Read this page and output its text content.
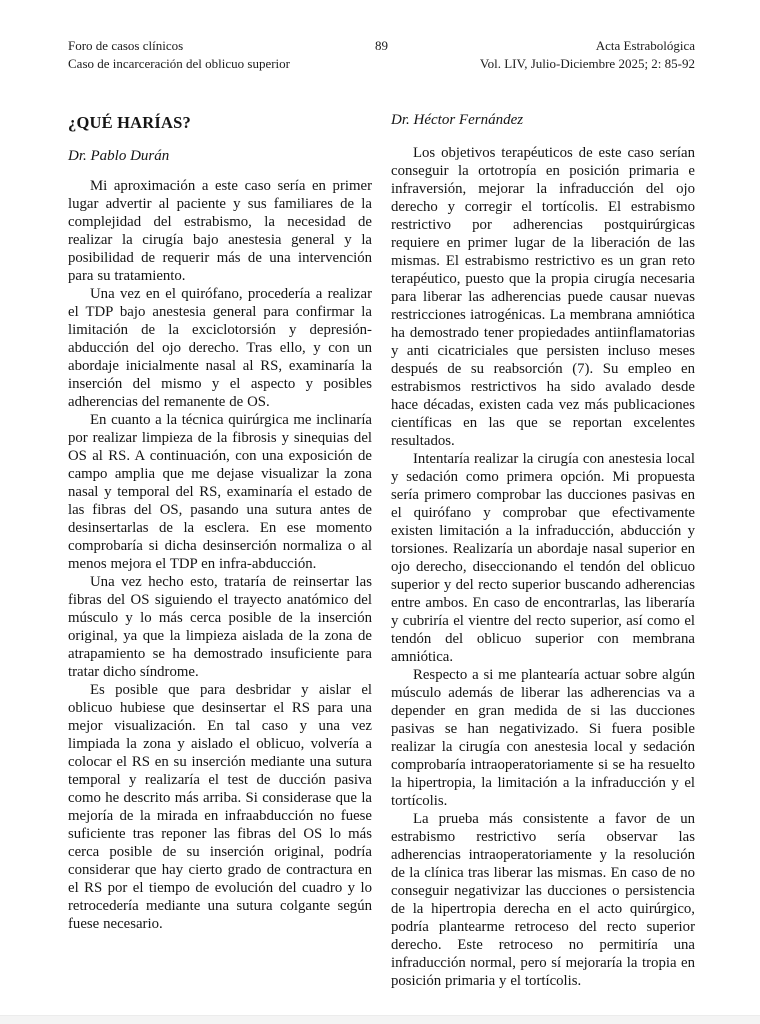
Foro de casos clínicos
Caso de incarceración del oblicuo superior
89	Acta Estrabológica
Vol. LIV, Julio-Diciembre 2025; 2: 85-92
¿QUÉ HARÍAS?

Dr. Pablo Durán

Mi aproximación a este caso sería en primer lugar advertir al paciente y sus familiares de la complejidad del estrabismo, la necesidad de realizar la cirugía bajo anestesia general y la posibilidad de requerir más de una intervención para su tratamiento.

Una vez en el quirófano, procedería a realizar el TDP bajo anestesia general para confirmar la limitación de la exciclotorsión y depresión-abducción del ojo derecho. Tras ello, y con un abordaje inicialmente nasal al RS, examinaría la inserción del mismo y el aspecto y posibles adherencias del remanente de OS.

En cuanto a la técnica quirúrgica me inclinaría por realizar limpieza de la fibrosis y sinequias del OS al RS. A continuación, con una exposición de campo amplia que me dejase visualizar la zona nasal y temporal del RS, examinaría el estado de las fibras del OS, pasando una sutura antes de desinsertarlas de la esclera. En ese momento comprobaría si dicha desinserción normaliza o al menos mejora el TDP en infra-abducción.

Una vez hecho esto, trataría de reinsertar las fibras del OS siguiendo el trayecto anatómico del músculo y lo más cerca posible de la inserción original, ya que la limpieza aislada de la zona de atrapamiento se ha demostrado insuficiente para tratar dicho síndrome.

Es posible que para desbridar y aislar el oblicuo hubiese que desinsertar el RS para una mejor visualización. En tal caso y una vez limpiada la zona y aislado el oblicuo, volvería a colocar el RS en su inserción mediante una sutura temporal y realizaría el test de ducción pasiva como he descrito más arriba. Si considerase que la mejoría de la mirada en infraabducción no fuese suficiente tras reponer las fibras del OS lo más cerca posible de su inserción original, podría considerar que hay cierto grado de contractura en el RS por el tiempo de evolución del cuadro y lo retrocedería mediante una sutura colgante según fuese necesario.

Dr. Héctor Fernández

Los objetivos terapéuticos de este caso serían conseguir la ortotropía en posición primaria e infraversión, mejorar la infraducción del ojo derecho y corregir el tortícolis. El estrabismo restrictivo por adherencias postquirúrgicas requiere en primer lugar de la liberación de las mismas. El estrabismo restrictivo es un gran reto terapéutico, puesto que la propia cirugía necesaria para liberar las adherencias puede causar nuevas restricciones iatrogénicas. La membrana amniótica ha demostrado tener propiedades antiinflamatorias y anti cicatriciales que persisten incluso meses después de su reabsorción (7). Su empleo en estrabismos restrictivos ha sido avalado desde hace décadas, existen cada vez más publicaciones científicas en las que se reportan excelentes resultados.

Intentaría realizar la cirugía con anestesia local y sedación como primera opción. Mi propuesta sería primero comprobar las ducciones pasivas en el quirófano y comprobar que efectivamente existen limitación a la infraducción, abducción y torsiones. Realizaría un abordaje nasal superior en ojo derecho, diseccionando el tendón del oblicuo superior y del recto superior buscando adherencias entre ambos. En caso de encontrarlas, las liberaría y cubriría el vientre del recto superior, así como el tendón del oblicuo superior con membrana amniótica.

Respecto a si me plantearía actuar sobre algún músculo además de liberar las adherencias va a depender en gran medida de si las ducciones pasivas se han negativizado. Si fuera posible realizar la cirugía con anestesia local y sedación comprobaría intraoperatoriamente si se ha resuelto la hipertropia, la limitación a la infraducción y el tortícolis.

La prueba más consistente a favor de un estrabismo restrictivo sería observar las adherencias intraoperatoriamente y la resolución de la clínica tras liberar las mismas. En caso de no conseguir negativizar las ducciones o persistencia de la hipertropia derecha en el acto quirúrgico, podría plantearme retroceso del recto superior derecho. Este retroceso no permitiría una infraducción normal, pero sí mejoraría la tropia en posición primaria y el tortícolis.
